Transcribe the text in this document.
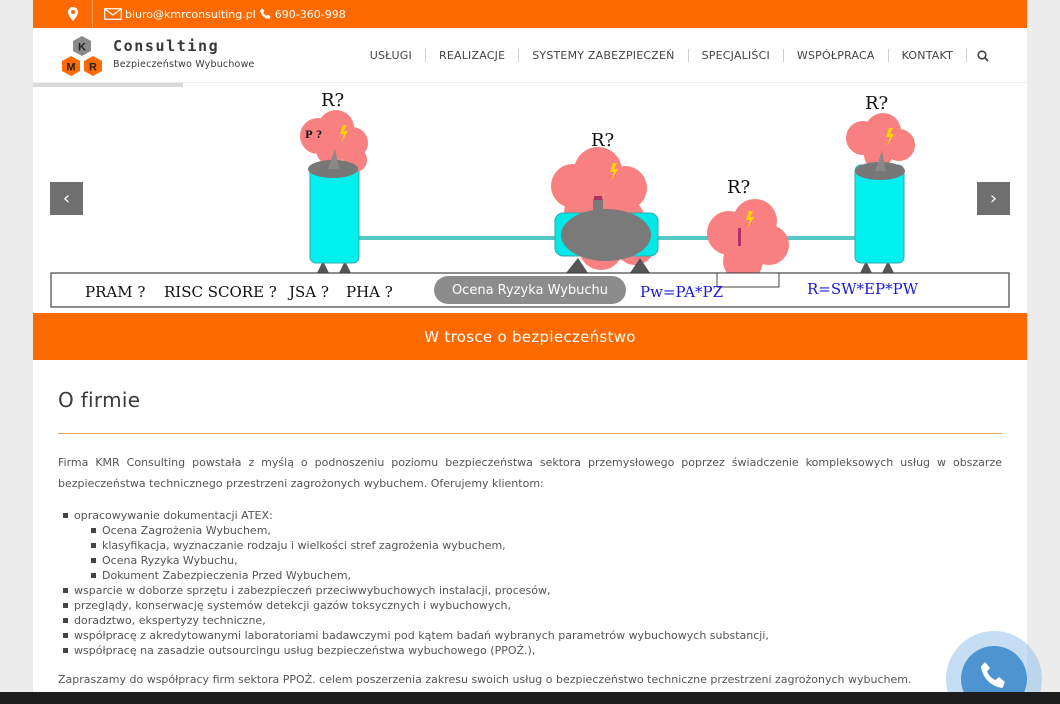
biuro@kmrconsulting.pl 690-360-998
K
M R
Consulting
Bezpieczeństwo Wybuchowe
USŁUGI	REALIZACJE	SYSTEMY ZABEZPIECZEŃ	SPECJALIŚCI	WSPÓŁPRACA	KONTAKT
P ?
R?
R?
R?
R?
PRAM ? RISC SCORE ? JSA ? PHA ?	Pw=PA*PZ	R=SW*EP*PW
Ocena Ryzyka Wybuchu
‹	›
W trosce o bezpieczeństwo
O firmie

Firma KMR Consulting powstała z myślą o podnoszeniu poziomu bezpieczeństwa sektora przemysłowego poprzez świadczenie kompleksowych usług w obszarze bezpieczeństwa technicznego przestrzeni zagrożonych wybuchem. Oferujemy klientom:

opracowywanie dokumentacji ATEX:
Ocena Zagrożenia Wybuchem,
klasyfikacja, wyznaczanie rodzaju i wielkości stref zagrożenia wybuchem,
Ocena Ryzyka Wybuchu,
Dokument Zabezpieczenia Przed Wybuchem,
wsparcie w doborze sprzętu i zabezpieczeń przeciwwybuchowych instalacji, procesów,
przeglądy, konserwację systemów detekcji gazów toksycznych i wybuchowych,
doradztwo, ekspertyzy techniczne,
współpracę z akredytowanymi laboratoriami badawczymi pod kątem badań wybranych parametrów wybuchowych substancji,
współpracę na zasadzie outsourcingu usług bezpieczeństwa wybuchowego (PPOŻ.),

Zapraszamy do współpracy firm sektora PPOŻ. celem poszerzenia zakresu swoich usług o bezpieczeństwo techniczne przestrzeni zagrożonych wybuchem.
